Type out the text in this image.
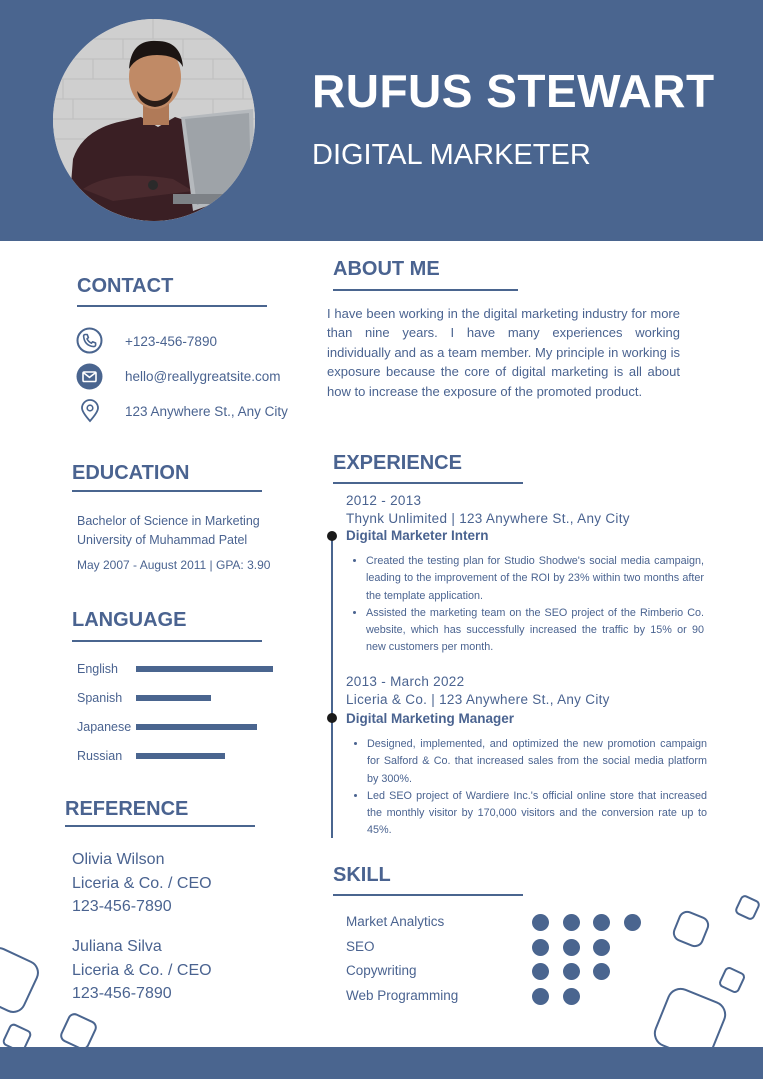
RUFUS STEWART
DIGITAL MARKETER
CONTACT
+123-456-7890
hello@reallygreatsite.com
123 Anywhere St., Any City
EDUCATION
Bachelor of Science in Marketing
University of Muhammad Patel
May 2007 - August 2011 | GPA: 3.90
LANGUAGE
English
Spanish
Japanese
Russian
REFERENCE
Olivia Wilson
Liceria & Co. / CEO
123-456-7890
Juliana Silva
Liceria & Co. / CEO
123-456-7890
ABOUT ME
I have been working in the digital marketing industry for more than nine years. I have many experiences working individually and as a team member. My principle in working is exposure because the core of digital marketing is all about how to increase the exposure of the promoted product.
EXPERIENCE
2012 - 2013
Thynk Unlimited | 123 Anywhere St., Any City
Digital Marketer Intern
• Created the testing plan for Studio Shodwe's social media campaign, leading to the improvement of the ROI by 23% within two months after the template application.
• Assisted the marketing team on the SEO project of the Rimberio Co. website, which has successfully increased the traffic by 15% or 90 new customers per month.
2013 - March 2022
Liceria & Co. | 123 Anywhere St., Any City
Digital Marketing Manager
• Designed, implemented, and optimized the new promotion campaign for Salford & Co. that increased sales from the social media platform by 300%.
• Led SEO project of Wardiere Inc.'s official online store that increased the monthly visitor by 170,000 visitors and the conversion rate up to 45%.
SKILL
Market Analytics
SEO
Copywriting
Web Programming
